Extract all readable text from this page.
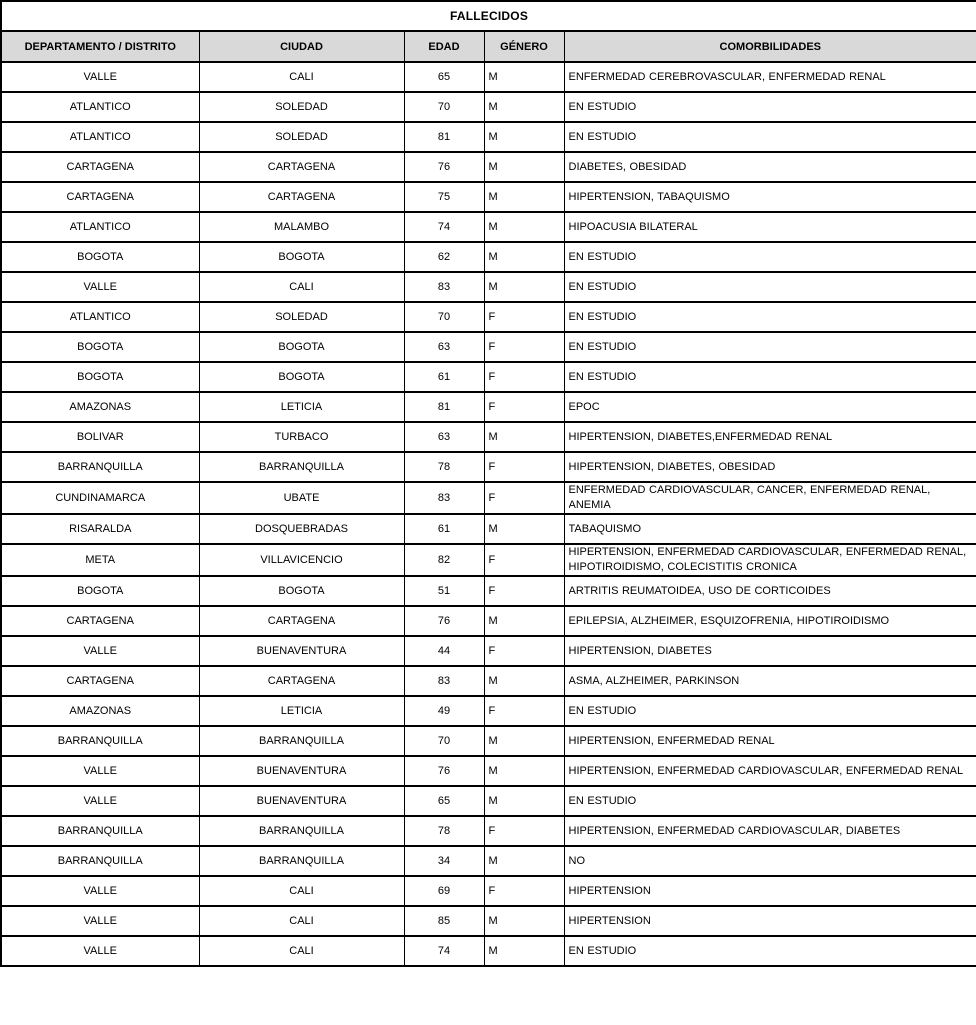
FALLECIDOS				
DEPARTAMENTO / DISTRITO	CIUDAD	EDAD	GÉNERO	COMORBILIDADES
VALLE	CALI	65	M	ENFERMEDAD CEREBROVASCULAR, ENFERMEDAD RENAL

ATLANTICO	SOLEDAD	70	M	EN ESTUDIO

ATLANTICO	SOLEDAD	81	M	EN ESTUDIO

CARTAGENA	CARTAGENA	76	M	DIABETES, OBESIDAD

CARTAGENA	CARTAGENA	75	M	HIPERTENSION, TABAQUISMO

ATLANTICO	MALAMBO	74	M	HIPOACUSIA BILATERAL

BOGOTA	BOGOTA	62	M	EN ESTUDIO

VALLE	CALI	83	M	EN ESTUDIO

ATLANTICO	SOLEDAD	70	F	EN ESTUDIO

BOGOTA	BOGOTA	63	F	EN ESTUDIO

BOGOTA	BOGOTA	61	F	EN ESTUDIO

AMAZONAS	LETICIA	81	F	EPOC

BOLIVAR	TURBACO	63	M	HIPERTENSION, DIABETES,ENFERMEDAD RENAL

BARRANQUILLA	BARRANQUILLA	78	F	HIPERTENSION, DIABETES, OBESIDAD

CUNDINAMARCA	UBATE	83	F	ENFERMEDAD CARDIOVASCULAR, CANCER, ENFERMEDAD RENAL, ANEMIA

RISARALDA	DOSQUEBRADAS	61	M	TABAQUISMO

META	VILLAVICENCIO	82	F	HIPERTENSION, ENFERMEDAD CARDIOVASCULAR, ENFERMEDAD RENAL, HIPOTIROIDISMO, COLECISTITIS CRONICA

BOGOTA	BOGOTA	51	F	ARTRITIS REUMATOIDEA, USO DE CORTICOIDES

CARTAGENA	CARTAGENA	76	M	EPILEPSIA, ALZHEIMER, ESQUIZOFRENIA, HIPOTIROIDISMO

VALLE	BUENAVENTURA	44	F	HIPERTENSION, DIABETES

CARTAGENA	CARTAGENA	83	M	ASMA, ALZHEIMER, PARKINSON

AMAZONAS	LETICIA	49	F	EN ESTUDIO

BARRANQUILLA	BARRANQUILLA	70	M	HIPERTENSION, ENFERMEDAD RENAL

VALLE	BUENAVENTURA	76	M	HIPERTENSION, ENFERMEDAD CARDIOVASCULAR, ENFERMEDAD RENAL

VALLE	BUENAVENTURA	65	M	EN ESTUDIO

BARRANQUILLA	BARRANQUILLA	78	F	HIPERTENSION, ENFERMEDAD CARDIOVASCULAR, DIABETES

BARRANQUILLA	BARRANQUILLA	34	M	NO

VALLE	CALI	69	F	HIPERTENSION

VALLE	CALI	85	M	HIPERTENSION

VALLE	CALI	74	M	EN ESTUDIO
